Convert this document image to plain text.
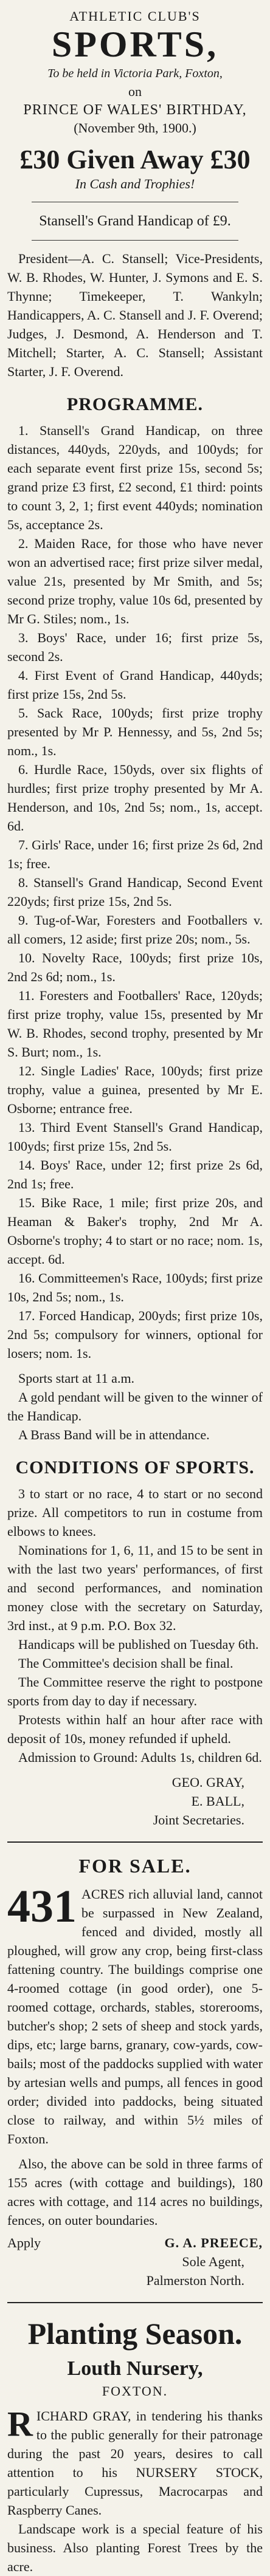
ATHLETIC CLUB'S

SPORTS,

To be held in Victoria Park, Foxton,

on

PRINCE OF WALES' BIRTHDAY,

(November 9th, 1900.)

£30 Given Away £30

In Cash and Trophies!

Stansell's Grand Handicap of £9.

President—A. C. Stansell; Vice-Presidents, W. B. Rhodes, W. Hunter, J. Symons and E. S. Thynne; Timekeeper, T. Wankyln; Handicappers, A. C. Stansell and J. F. Overend; Judges, J. Desmond, A. Henderson and T. Mitchell; Starter, A. C. Stansell; Assistant Starter, J. F. Overend.

PROGRAMME.

1. Stansell's Grand Handicap, on three distances, 440yds, 220yds, and 100yds; for each separate event first prize 15s, second 5s; grand prize £3 first, £2 second, £1 third: points to count 3, 2, 1; first event 440yds; nomination 5s, acceptance 2s.
2. Maiden Race, for those who have never won an advertised race; first prize silver medal, value 21s, presented by Mr Smith, and 5s; second prize trophy, value 10s 6d, presented by Mr G. Stiles; nom., 1s.
3. Boys' Race, under 16; first prize 5s, second 2s.
4. First Event of Grand Handicap, 440yds; first prize 15s, 2nd 5s.
5. Sack Race, 100yds; first prize trophy presented by Mr P. Hennessy, and 5s, 2nd 5s; nom., 1s.
6. Hurdle Race, 150yds, over six flights of hurdles; first prize trophy presented by Mr A. Henderson, and 10s, 2nd 5s; nom., 1s, accept. 6d.
7. Girls' Race, under 16; first prize 2s 6d, 2nd 1s; free.
8. Stansell's Grand Handicap, Second Event 220yds; first prize 15s, 2nd 5s.
9. Tug-of-War, Foresters and Footballers v. all comers, 12 aside; first prize 20s; nom., 5s.
10. Novelty Race, 100yds; first prize 10s, 2nd 2s 6d; nom., 1s.
11. Foresters and Footballers' Race, 120yds; first prize trophy, value 15s, presented by Mr W. B. Rhodes, second trophy, presented by Mr S. Burt; nom., 1s.
12. Single Ladies' Race, 100yds; first prize trophy, value a guinea, presented by Mr E. Osborne; entrance free.
13. Third Event Stansell's Grand Handicap, 100yds; first prize 15s, 2nd 5s.
14. Boys' Race, under 12; first prize 2s 6d, 2nd 1s; free.
15. Bike Race, 1 mile; first prize 20s, and Heaman & Baker's trophy, 2nd Mr A. Osborne's trophy; 4 to start or no race; nom. 1s, accept. 6d.
16. Committeemen's Race, 100yds; first prize 10s, 2nd 5s; nom., 1s.
17. Forced Handicap, 200yds; first prize 10s, 2nd 5s; compulsory for winners, optional for losers; nom. 1s.

Sports start at 11 a.m.

A gold pendant will be given to the winner of the Handicap.

A Brass Band will be in attendance.

CONDITIONS OF SPORTS.

3 to start or no race, 4 to start or no second prize. All competitors to run in costume from elbows to knees.

Nominations for 1, 6, 11, and 15 to be sent in with the last two years' performances, of first and second performances, and nomination money close with the secretary on Saturday, 3rd inst., at 9 p.m. P.O. Box 32.

Handicaps will be published on Tuesday 6th.

The Committee's decision shall be final.

The Committee reserve the right to postpone sports from day to day if necessary.

Protests within half an hour after race with deposit of 10s, money refunded if upheld.

Admission to Ground: Adults 1s, children 6d.

GEO. GRAY,

E. BALL,

Joint Secretaries.

FOR SALE.

431 ACRES rich alluvial land, cannot be surpassed in New Zealand, fenced and divided, mostly all ploughed, will grow any crop, being first-class fattening country. The buildings comprise one 4-roomed cottage (in good order), one 5-roomed cottage, orchards, stables, storerooms, butcher's shop; 2 sets of sheep and stock yards, dips, etc; large barns, granary, cow-yards, cow-bails; most of the paddocks supplied with water by artesian wells and pumps, all fences in good order; divided into paddocks, being situated close to railway, and within 5½ miles of Foxton.

Also, the above can be sold in three farms of 155 acres (with cottage and buildings), 180 acres with cottage, and 114 acres no buildings, fences, on outer boundaries.

Apply	G. A. PREECE,

Sole Agent,

Palmerston North.

Planting Season.

Louth Nursery,

FOXTON.

R ICHARD GRAY, in tendering his thanks to the public generally for their patronage during the past 20 years, desires to call attention to his NURSERY STOCK, particularly Cupressus, Macrocarpas and Raspberry Canes.

Landscape work is a special feature of his business. Also planting Forest Trees by the acre.
